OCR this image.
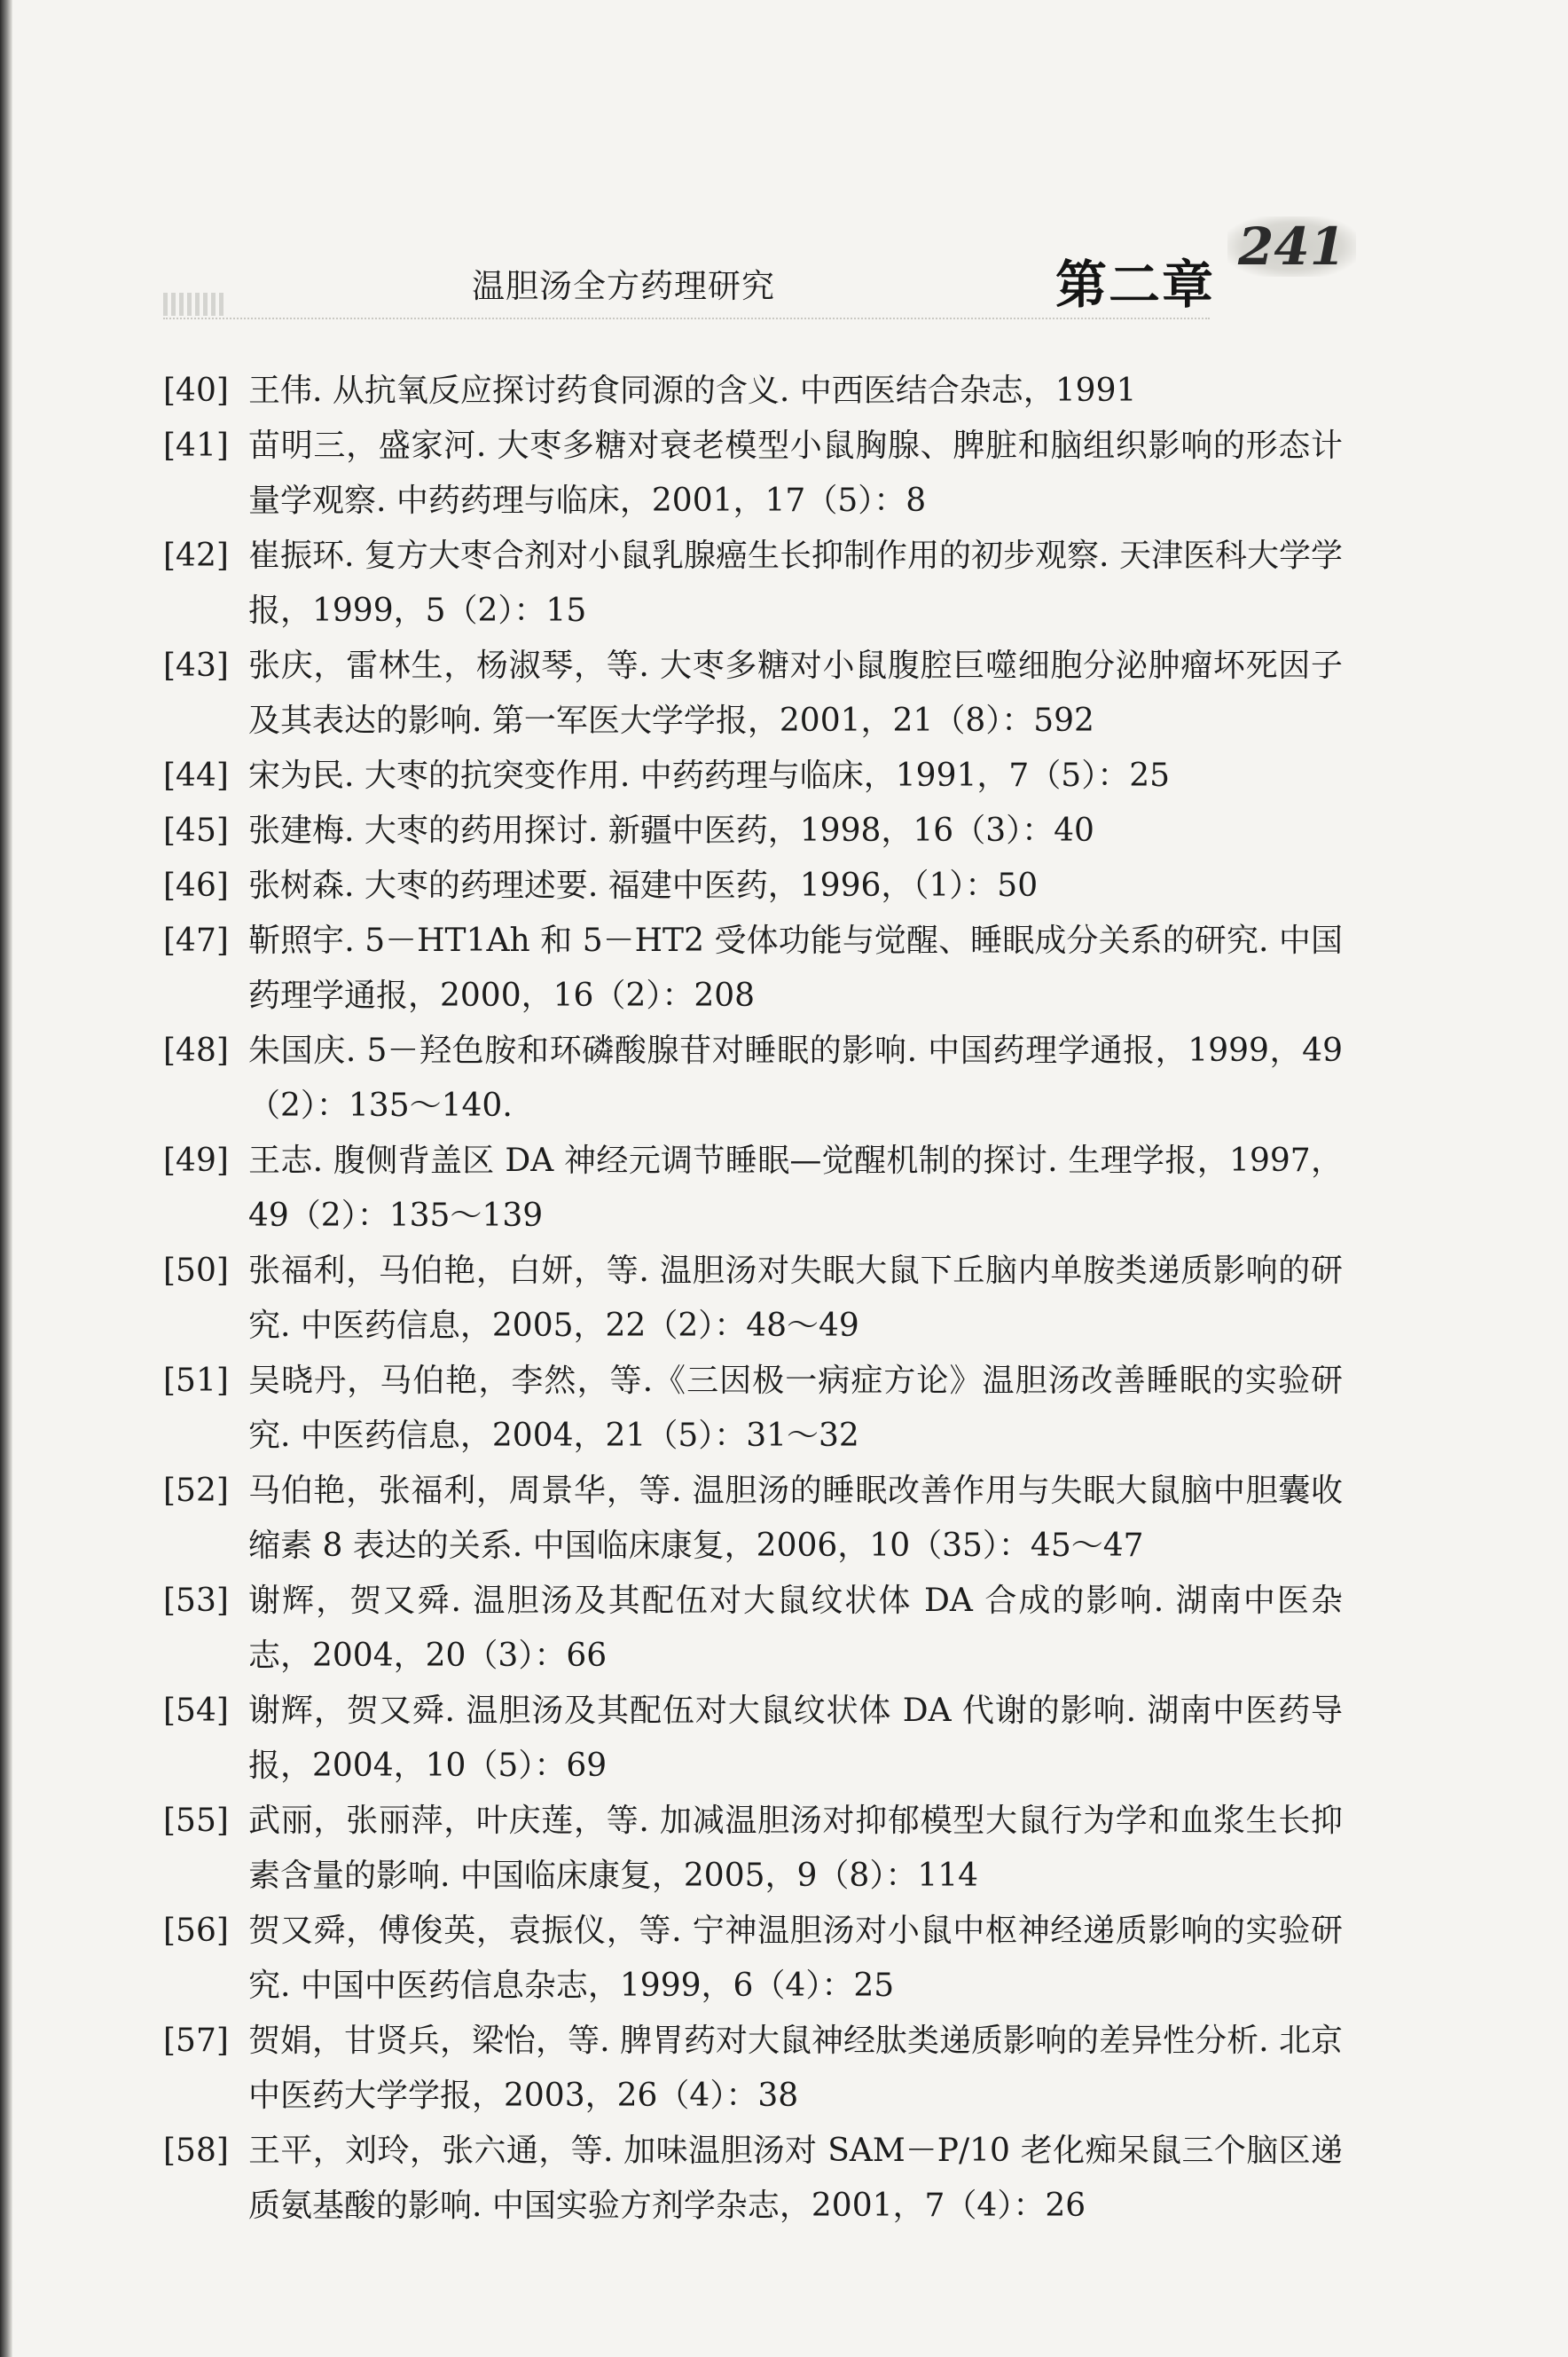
温胆汤全方药理研究	第二章
241
[40] 王伟. 从抗氧反应探讨药食同源的含义. 中西医结合杂志，1991
[41] 苗明三，盛家河. 大枣多糖对衰老模型小鼠胸腺、脾脏和脑组织影响的形态计量学观察. 中药药理与临床，2001，17（5）：8
[42] 崔振环. 复方大枣合剂对小鼠乳腺癌生长抑制作用的初步观察. 天津医科大学学报，1999，5（2）：15
[43] 张庆，雷林生，杨淑琴，等. 大枣多糖对小鼠腹腔巨噬细胞分泌肿瘤坏死因子及其表达的影响. 第一军医大学学报，2001，21（8）：592
[44] 宋为民. 大枣的抗突变作用. 中药药理与临床，1991，7（5）：25
[45] 张建梅. 大枣的药用探讨. 新疆中医药，1998，16（3）：40
[46] 张树森. 大枣的药理述要. 福建中医药，1996，（1）：50
[47] 靳照宇. 5－HT1Ah 和 5－HT2 受体功能与觉醒、睡眠成分关系的研究. 中国药理学通报，2000，16（2）：208
[48] 朱国庆. 5－羟色胺和环磷酸腺苷对睡眠的影响. 中国药理学通报，1999，49（2）：135～140.
[49] 王志. 腹侧背盖区 DA 神经元调节睡眠—觉醒机制的探讨. 生理学报，1997，49（2）：135～139
[50] 张福利，马伯艳，白妍，等. 温胆汤对失眠大鼠下丘脑内单胺类递质影响的研究. 中医药信息，2005，22（2）：48～49
[51] 吴晓丹，马伯艳，李然，等.《三因极一病症方论》温胆汤改善睡眠的实验研究. 中医药信息，2004，21（5）：31～32
[52] 马伯艳，张福利，周景华，等. 温胆汤的睡眠改善作用与失眠大鼠脑中胆囊收缩素 8 表达的关系. 中国临床康复，2006，10（35）：45～47
[53] 谢辉，贺又舜. 温胆汤及其配伍对大鼠纹状体 DA 合成的影响. 湖南中医杂志，2004，20（3）：66
[54] 谢辉，贺又舜. 温胆汤及其配伍对大鼠纹状体 DA 代谢的影响. 湖南中医药导报，2004，10（5）：69
[55] 武丽，张丽萍，叶庆莲，等. 加减温胆汤对抑郁模型大鼠行为学和血浆生长抑素含量的影响. 中国临床康复，2005，9（8）：114
[56] 贺又舜，傅俊英，袁振仪，等. 宁神温胆汤对小鼠中枢神经递质影响的实验研究. 中国中医药信息杂志，1999，6（4）：25
[57] 贺娟，甘贤兵，梁怡，等. 脾胃药对大鼠神经肽类递质影响的差异性分析. 北京中医药大学学报，2003，26（4）：38
[58] 王平，刘玲，张六通，等. 加味温胆汤对 SAM－P/10 老化痴呆鼠三个脑区递质氨基酸的影响. 中国实验方剂学杂志，2001，7（4）：26
